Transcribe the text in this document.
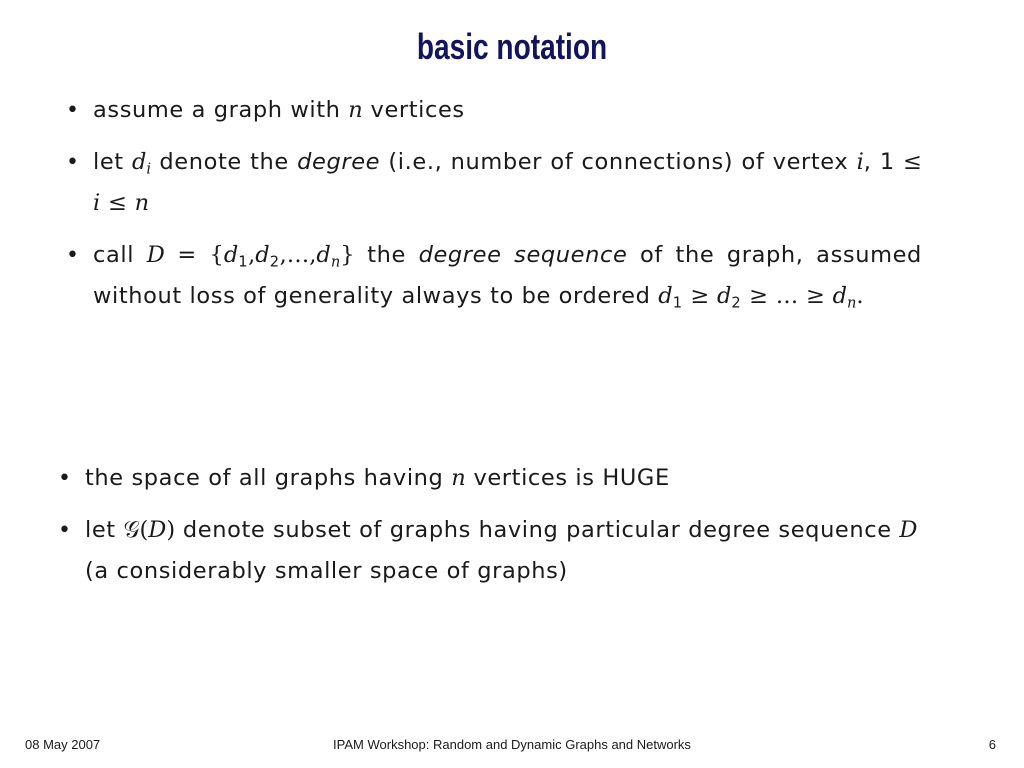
basic notation
• assume a graph with n vertices
• let $d_i$ denote the degree (i.e., number of connections) of vertex i, 1 ≤ i ≤ n
• call $D = \{d_1,d_2,\dots,d_n\}$ the degree sequence of the graph, assumed without loss of generality always to be ordered $d_1 \ge d_2$ ≥ … ≥ $d_n$.
• the space of all graphs having n vertices is HUGE
• let 𝒢(D) denote subset of graphs having particular degree sequence D (a considerably smaller space of graphs)
08 May 2007	IPAM Workshop: Random and Dynamic Graphs and Networks	6
